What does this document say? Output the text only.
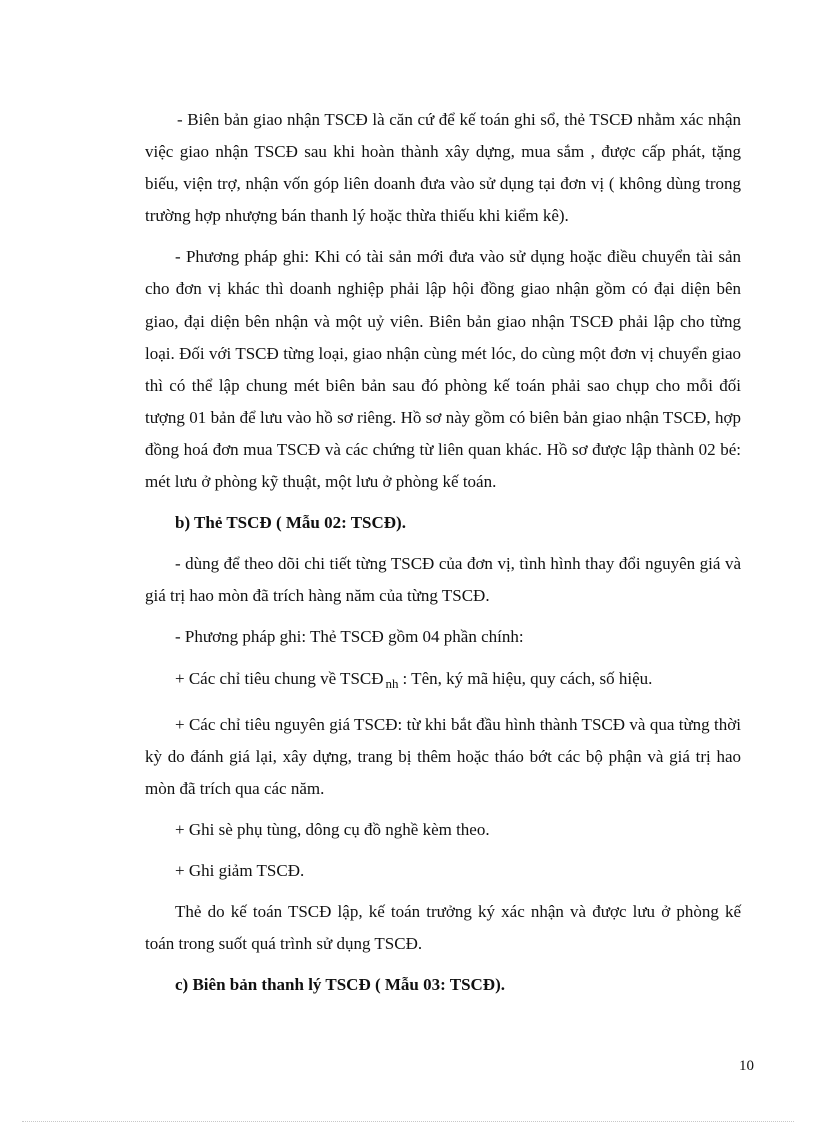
- Biên bản giao nhận TSCĐ là căn cứ để kế toán ghi sổ, thẻ TSCĐ nhằm xác nhận việc giao nhận TSCĐ sau khi hoàn thành xây dựng, mua sắm , được cấp phát, tặng biếu, viện trợ, nhận vốn góp liên doanh đưa vào sử dụng tại đơn vị ( không dùng trong trường hợp nhượng bán thanh lý hoặc thừa thiếu khi kiểm kê).

- Phương pháp ghi: Khi có tài sản mới đưa vào sử dụng hoặc điều chuyển tài sản cho đơn vị khác thì doanh nghiệp phải lập hội đồng giao nhận gồm có đại diện bên giao, đại diện bên nhận và một uỷ viên. Biên bản giao nhận TSCĐ phải lập cho từng loại. Đối với TSCĐ từng loại, giao nhận cùng mét lóc, do cùng một đơn vị chuyển giao thì có thể lập chung mét biên bản sau đó phòng kế toán phải sao chụp cho mỗi đối tượng 01 bản để lưu vào hồ sơ riêng. Hồ sơ này gồm có biên bản giao nhận TSCĐ, hợp đồng hoá đơn mua TSCĐ và các chứng từ liên quan khác. Hồ sơ được lập thành 02 bé: mét lưu ở phòng kỹ thuật, một lưu ở phòng kế toán.

b) Thẻ TSCĐ ( Mẫu 02: TSCĐ).

- dùng để theo dõi chi tiết từng TSCĐ của đơn vị, tình hình thay đổi nguyên giá và giá trị hao mòn đã trích hàng năm của từng TSCĐ.

- Phương pháp ghi: Thẻ TSCĐ gồm 04 phần chính:

+ Các chỉ tiêu chung về TSCĐ $_{nh}$ : Tên, ký mã hiệu, quy cách, số hiệu.

+ Các chỉ tiêu nguyên giá TSCĐ: từ khi bắt đầu hình thành TSCĐ và qua từng thời kỳ do đánh giá lại, xây dựng, trang bị thêm hoặc tháo bớt các bộ phận và giá trị hao mòn đã trích qua các năm.

+ Ghi sè phụ tùng, dông cụ đồ nghề kèm theo.

+ Ghi giảm TSCĐ.

Thẻ do kế toán TSCĐ lập, kế toán trưởng ký xác nhận và được lưu ở phòng kế toán trong suốt quá trình sử dụng TSCĐ.

c) Biên bản thanh lý TSCĐ ( Mẫu 03: TSCĐ).

10
